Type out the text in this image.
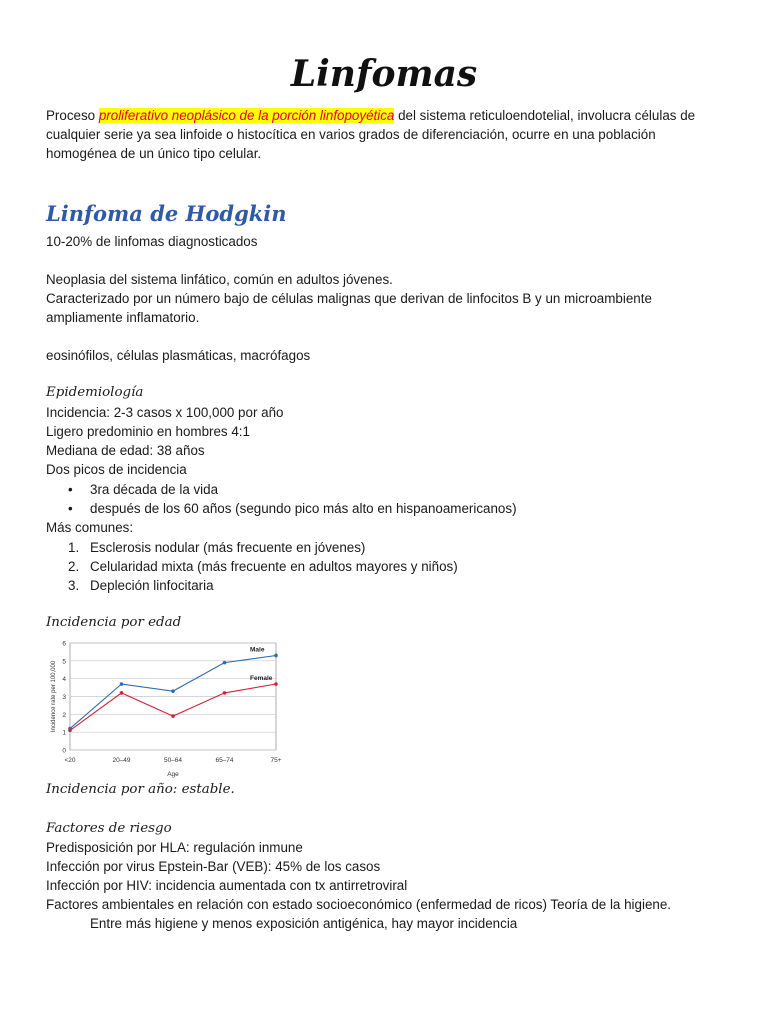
Linfomas
Proceso proliferativo neoplásico de la porción linfopoyética del sistema reticuloendotelial, involucra células de
cualquier serie ya sea linfoide o histocítica en varios grados de diferenciación, ocurre en una población
homogénea de un único tipo celular.
Linfoma de Hodgkin
10-20% de linfomas diagnosticados
Neoplasia del sistema linfático, común en adultos jóvenes.
Caracterizado por un número bajo de células malignas que derivan de linfocitos B y un microambiente
ampliamente inflamatorio.
eosinófilos, células plasmáticas, macrófagos
Epidemiología
Incidencia: 2-3 casos x 100,000 por año
Ligero predominio en hombres 4:1
Mediana de edad: 38 años
Dos picos de incidencia
• 3ra década de la vida
• después de los 60 años (segundo pico más alto en hispanoamericanos)
Más comunes:
1. Esclerosis nodular (más frecuente en jóvenes)
2. Celularidad mixta (más frecuente en adultos mayores y niños)
3. Depleción linfocitaria
Incidencia por edad
0
1
2
3
4
5
6
<20	20–49	50–64	65–74	75+
Age
Incidence rate per 100,000
Male
Female
Incidencia por año: estable.
Factores de riesgo
Predisposición por HLA: regulación inmune
Infección por virus Epstein-Bar (VEB): 45% de los casos
Infección por HIV: incidencia aumentada con tx antirretroviral
Factores ambientales en relación con estado socioeconómico (enfermedad de ricos) Teoría de la higiene.
Entre más higiene y menos exposición antigénica, hay mayor incidencia
